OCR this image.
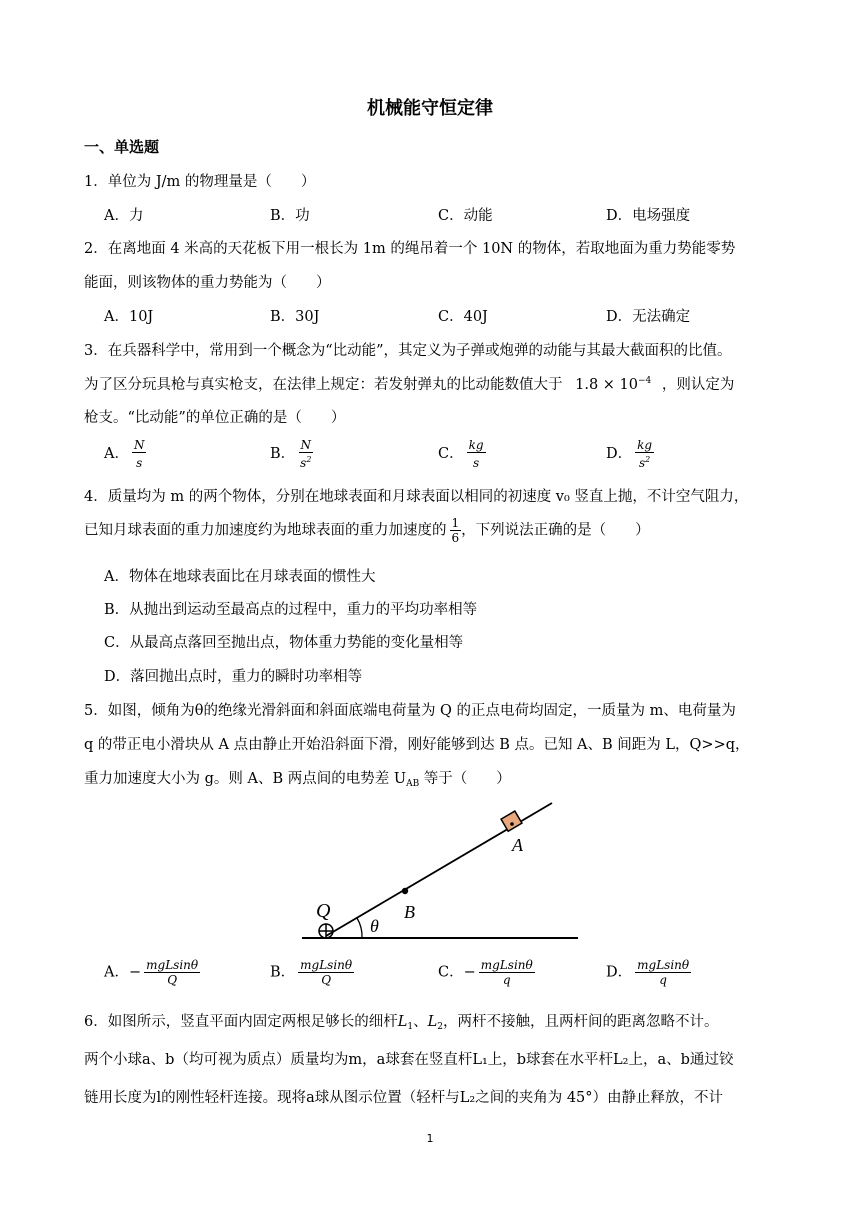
机械能守恒定律
一、单选题
1．单位为 J/m 的物理量是（　　）
A．力	B．功	C．动能	D．电场强度
2．在离地面 4 米高的天花板下用一根长为 1m 的绳吊着一个 10N 的物体，若取地面为重力势能零势
能面，则该物体的重力势能为（　　）
A．10J	B．30J	C．40J	D．无法确定
3．在兵器科学中，常用到一个概念为“比动能”，其定义为子弹或炮弹的动能与其最大截面积的比值。
为了区分玩具枪与真实枪支，在法律上规定：若发射弹丸的比动能数值大于 $1.8 \times 10^{-4}$ ，则认定为
枪支。“比动能”的单位正确的是（　　）
A． $\frac{N}{s}$	B． $\frac{N}{s^2}$	C． $\frac{kg}{s}$	D． $\frac{kg}{s^2}$
4．质量均为 m 的两个物体，分别在地球表面和月球表面以相同的初速度 v₀ 竖直上抛，不计空气阻力，
已知月球表面的重力加速度约为地球表面的重力加速度的 $\frac{1}{6}$ ，下列说法正确的是（　　）
A．物体在地球表面比在月球表面的惯性大
B．从抛出到运动至最高点的过程中，重力的平均功率相等
C．从最高点落回至抛出点，物体重力势能的变化量相等
D．落回抛出点时，重力的瞬时功率相等
5．如图，倾角为θ的绝缘光滑斜面和斜面底端电荷量为 Q 的正点电荷均固定，一质量为 m、电荷量为
q 的带正电小滑块从 A 点由静止开始沿斜面下滑，刚好能够到达 B 点。已知 A、B 间距为 L，Q>>q，
重力加速度大小为 g。则 A、B 两点间的电势差 $U_{AB}$ 等于（　　）
A
B
Q
θ
A．− $\frac{\text{mgLsinθ}}{Q}$	B． $\frac{\text{mgLsinθ}}{Q}$	C．− $\frac{\text{mgLsinθ}}{q}$	D． $\frac{\text{mgLsinθ}}{q}$
6．如图所示，竖直平面内固定两根足够长的细杆$L_1$、$L_2$，两杆不接触，且两杆间的距离忽略不计。
两个小球a、b（均可视为质点）质量均为m，a球套在竖直杆L₁上，b球套在水平杆L₂上，a、b通过铰
链用长度为l的刚性轻杆连接。现将a球从图示位置（轻杆与L₂之间的夹角为 45°）由静止释放，不计
1
